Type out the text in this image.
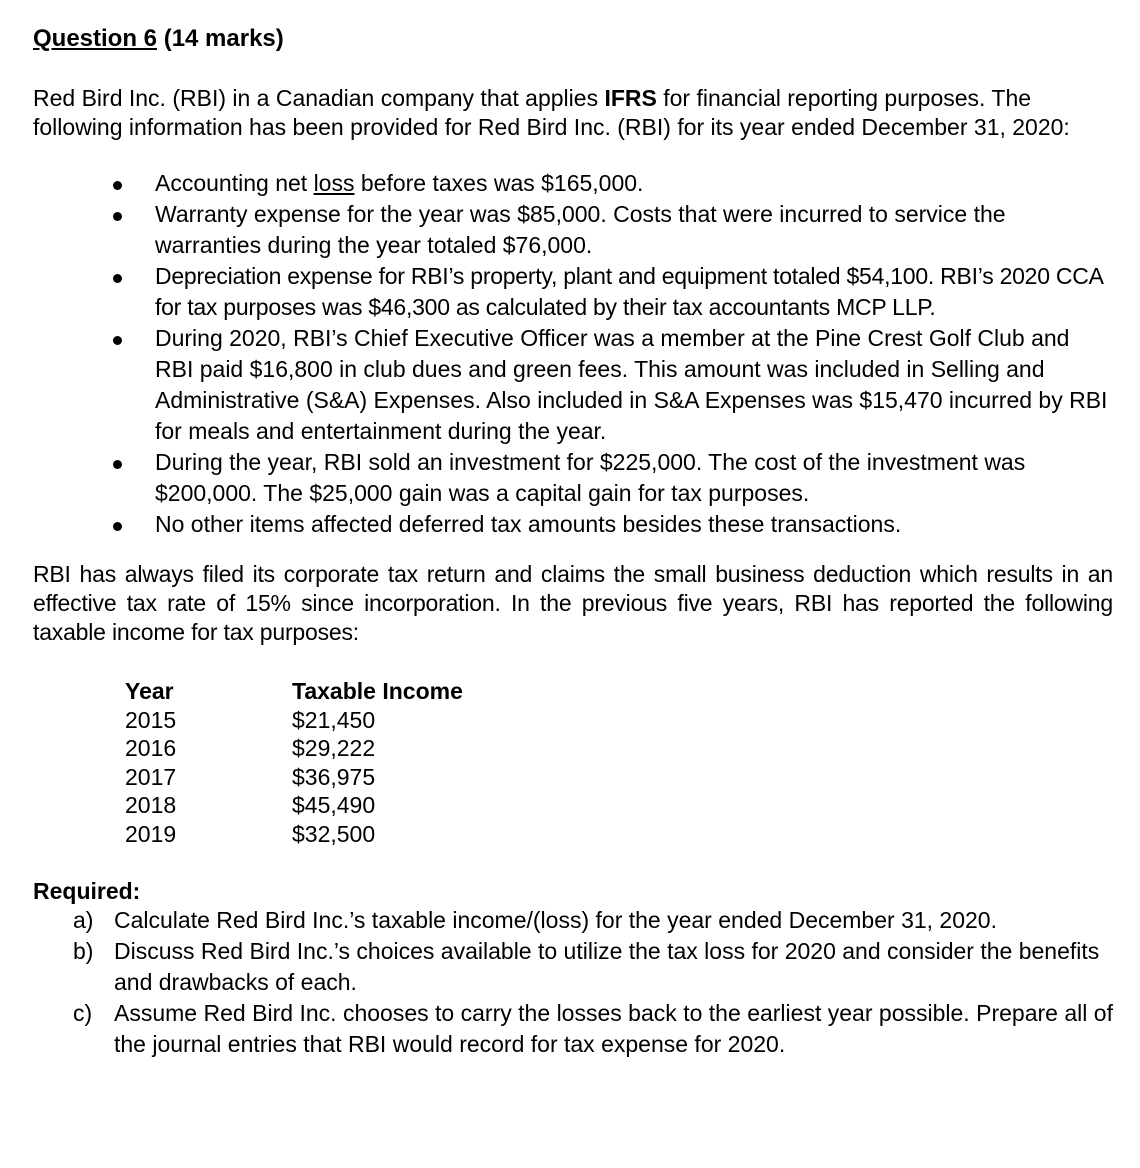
Question 6 (14 marks)

Red Bird Inc. (RBI) in a Canadian company that applies IFRS for financial reporting purposes. The following information has been provided for Red Bird Inc. (RBI) for its year ended December 31, 2020:

Accounting net loss before taxes was $165,000.
Warranty expense for the year was $85,000. Costs that were incurred to service the warranties during the year totaled $76,000.
Depreciation expense for RBI’s property, plant and equipment totaled $54,100. RBI’s 2020 CCA for tax purposes was $46,300 as calculated by their tax accountants MCP LLP.
During 2020, RBI’s Chief Executive Officer was a member at the Pine Crest Golf Club and RBI paid $16,800 in club dues and green fees. This amount was included in Selling and Administrative (S&A) Expenses. Also included in S&A Expenses was $15,470 incurred by RBI for meals and entertainment during the year.
During the year, RBI sold an investment for $225,000. The cost of the investment was $200,000. The $25,000 gain was a capital gain for tax purposes.
No other items affected deferred tax amounts besides these transactions.

RBI has always filed its corporate tax return and claims the small business deduction which results in an effective tax rate of 15% since incorporation. In the previous five years, RBI has reported the following taxable income for tax purposes:

Year	Taxable Income
2015	$21,450
2016	$29,222
2017	$36,975
2018	$45,490
2019	$32,500
Required:
a) Calculate Red Bird Inc.’s taxable income/(loss) for the year ended December 31, 2020.
b) Discuss Red Bird Inc.’s choices available to utilize the tax loss for 2020 and consider the benefits and drawbacks of each.
c) Assume Red Bird Inc. chooses to carry the losses back to the earliest year possible. Prepare all of the journal entries that RBI would record for tax expense for 2020.
